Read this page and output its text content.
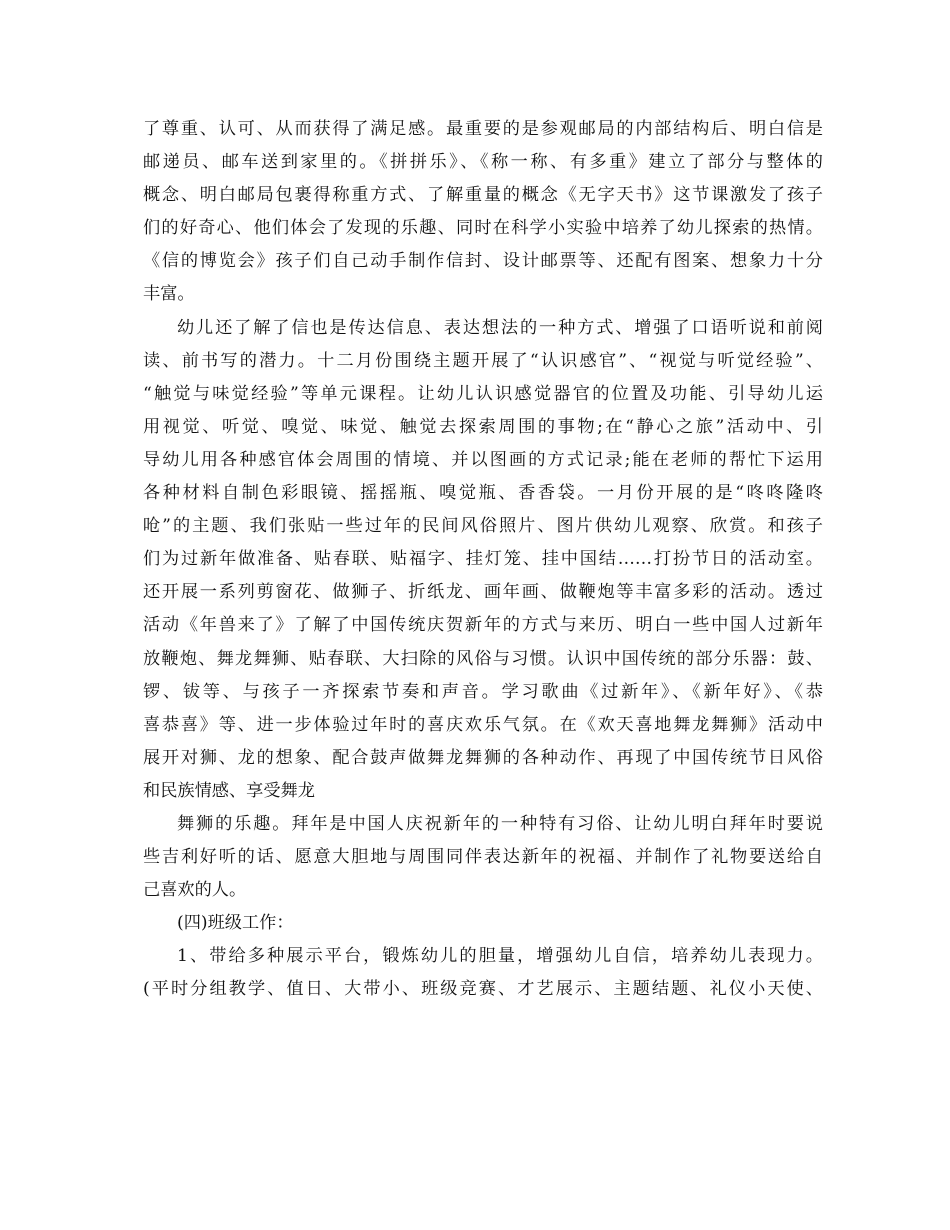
了尊重、认可、从而获得了满足感。最重要的是参观邮局的内部结构后、明白信是
邮递员、邮车送到家里的。《拼拼乐》、《称一称、有多重》建立了部分与整体的
概念、明白邮局包裹得称重方式、了解重量的概念《无字天书》这节课激发了孩子
们的好奇心、他们体会了发现的乐趣、同时在科学小实验中培养了幼儿探索的热情。
《信的博览会》孩子们自己动手制作信封、设计邮票等、还配有图案、想象力十分
丰富。
幼儿还了解了信也是传达信息、表达想法的一种方式、增强了口语听说和前阅
读、前书写的潜力。十二月份围绕主题开展了“认识感官”、“视觉与听觉经验”、
“触觉与味觉经验”等单元课程。让幼儿认识感觉器官的位置及功能、引导幼儿运
用视觉、听觉、嗅觉、味觉、触觉去探索周围的事物;在“静心之旅”活动中、引
导幼儿用各种感官体会周围的情境、并以图画的方式记录;能在老师的帮忙下运用
各种材料自制色彩眼镜、摇摇瓶、嗅觉瓶、香香袋。一月份开展的是“咚咚隆咚
呛”的主题、我们张贴一些过年的民间风俗照片、图片供幼儿观察、欣赏。和孩子
们为过新年做准备、贴春联、贴福字、挂灯笼、挂中国结……打扮节日的活动室。
还开展一系列剪窗花、做狮子、折纸龙、画年画、做鞭炮等丰富多彩的活动。透过
活动《年兽来了》了解了中国传统庆贺新年的方式与来历、明白一些中国人过新年
放鞭炮、舞龙舞狮、贴春联、大扫除的风俗与习惯。认识中国传统的部分乐器：鼓、
锣、钹等、与孩子一齐探索节奏和声音。学习歌曲《过新年》、《新年好》、《恭
喜恭喜》等、进一步体验过年时的喜庆欢乐气氛。在《欢天喜地舞龙舞狮》活动中
展开对狮、龙的想象、配合鼓声做舞龙舞狮的各种动作、再现了中国传统节日风俗
和民族情感、享受舞龙
舞狮的乐趣。拜年是中国人庆祝新年的一种特有习俗、让幼儿明白拜年时要说
些吉利好听的话、愿意大胆地与周围同伴表达新年的祝福、并制作了礼物要送给自
己喜欢的人。
(四)班级工作：
1、带给多种展示平台，锻炼幼儿的胆量，增强幼儿自信，培养幼儿表现力。
(平时分组教学、值日、大带小、班级竞赛、才艺展示、主题结题、礼仪小天使、
